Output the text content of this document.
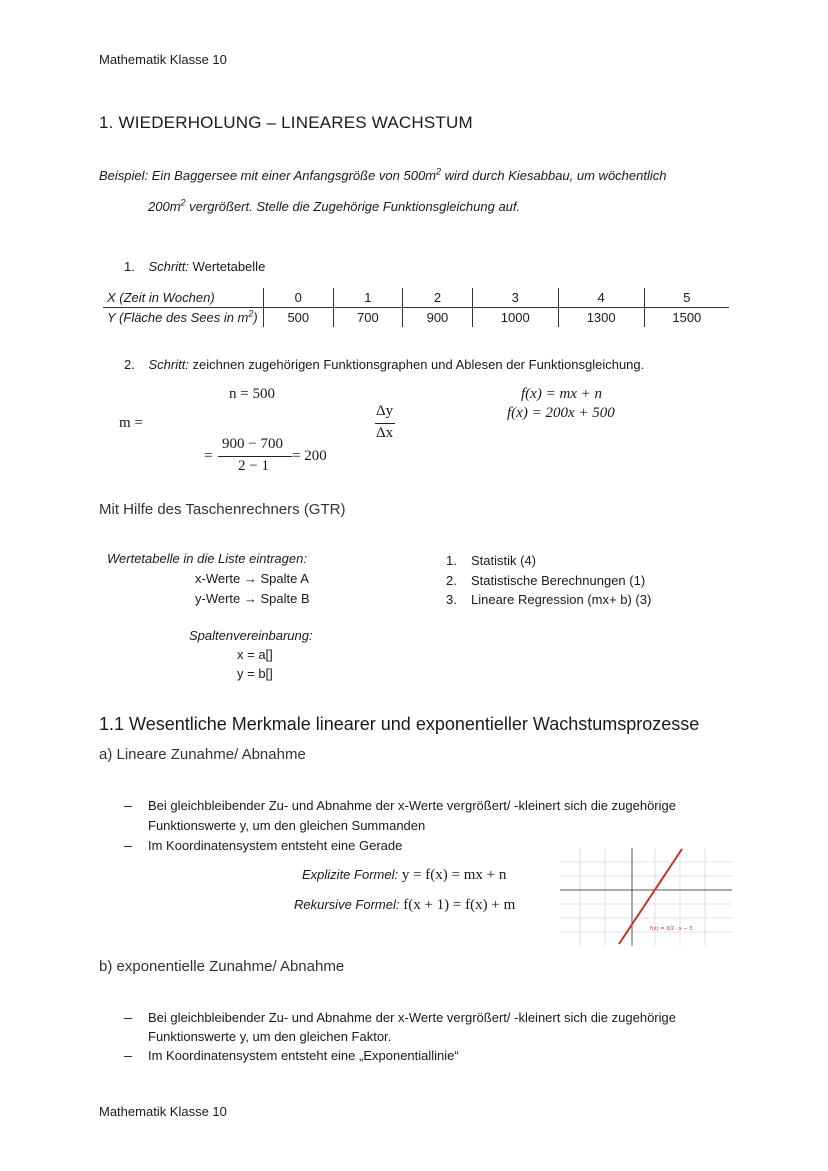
Mathematik Klasse 10
1. WIEDERHOLUNG – LINEARES WACHSTUM
Beispiel: Ein Baggersee mit einer Anfangsgröße von $500m^2$ wird durch Kiesabbau, um wöchentlich
$200m^2$ vergrößert. Stelle die Zugehörige Funktionsgleichung auf.
1. Schritt: Wertetabelle
X (Zeit in Wochen)	0	1	2	3	4	5
Y (Fläche des Sees in $m^2$)	500	700	900	1000	1300	1500
2. Schritt: zeichnen zugehörigen Funktionsgraphen und Ablesen der Funktionsgleichung.
n = 500
m =
Δy
Δx
f(x) = mx + n
f(x) = 200x + 500
=
900 − 700
2 − 1
= 200
Mit Hilfe des Taschenrechners (GTR)
Wertetabelle in die Liste eintragen:
x-Werte → Spalte A
y-Werte → Spalte B
1. Statistik (4)
2. Statistische Berechnungen (1)
3. Lineare Regression (mx+ b) (3)
Spaltenvereinbarung:
x = a[]
y = b[]
1.1 Wesentliche Merkmale linearer und exponentieller Wachstumsprozesse
a) Lineare Zunahme/ Abnahme
Bei gleichbleibender Zu- und Abnahme der x-Werte vergrößert/ -kleinert sich die zugehörige
Funktionswerte y, um den gleichen Summanden
Im Koordinatensystem entsteht eine Gerade
Explizite Formel: y = f(x) = mx + n
Rekursive Formel: f(x + 1) = f(x) + m
f(x) = 3/2 · x − 3
b) exponentielle Zunahme/ Abnahme
Bei gleichbleibender Zu- und Abnahme der x-Werte vergrößert/ -kleinert sich die zugehörige
Funktionswerte y, um den gleichen Faktor.
Im Koordinatensystem entsteht eine „Exponentiallinie“
Mathematik Klasse 10
